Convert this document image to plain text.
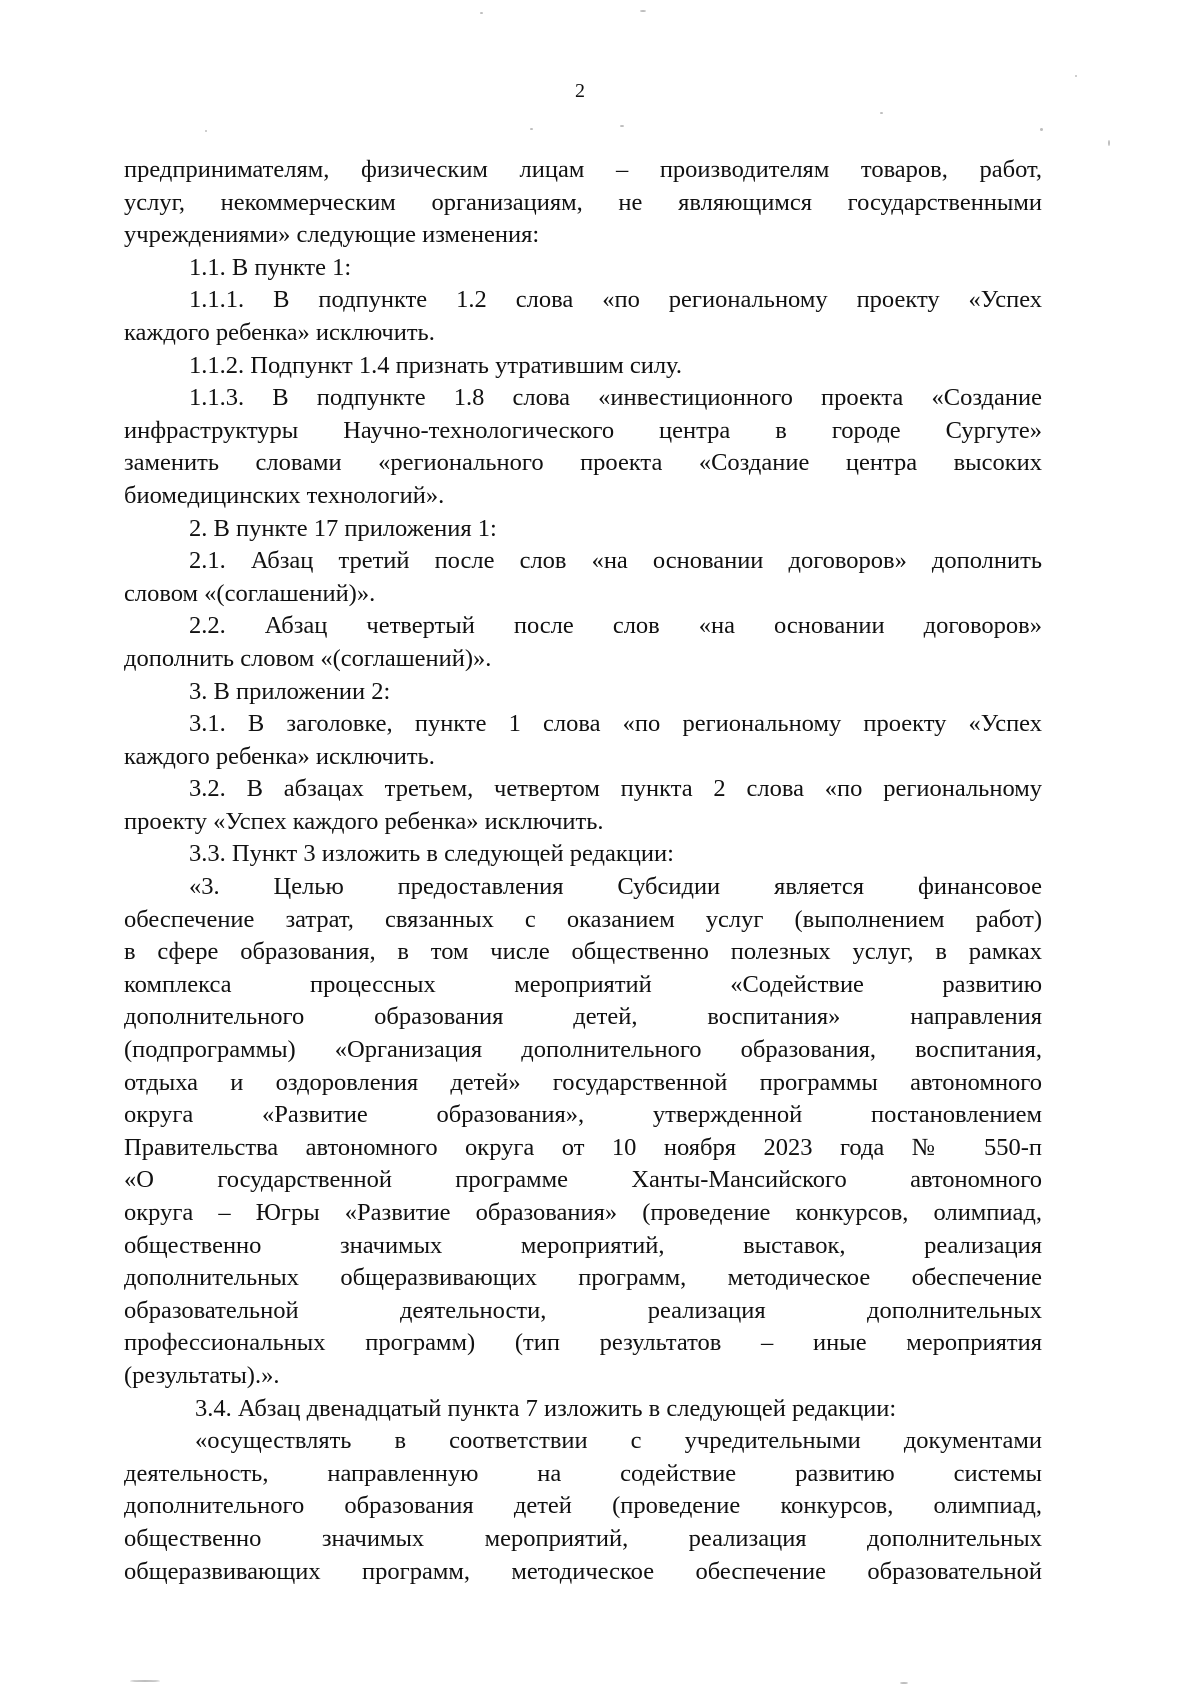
2
предпринимателям, физическим лицам – производителям товаров, работ,
услуг, некоммерческим организациям, не являющимся государственными
учреждениями» следующие изменения:
1.1. В пункте 1:
1.1.1. В подпункте 1.2 слова «по региональному проекту «Успех
каждого ребенка» исключить.
1.1.2. Подпункт 1.4 признать утратившим силу.
1.1.3. В подпункте 1.8 слова «инвестиционного проекта «Создание
инфраструктуры Научно-технологического центра в городе Сургуте»
заменить словами «регионального проекта «Создание центра высоких
биомедицинских технологий».
2. В пункте 17 приложения 1:
2.1. Абзац третий после слов «на основании договоров» дополнить
словом «(соглашений)».
2.2. Абзац четвертый после слов «на основании договоров»
дополнить словом «(соглашений)».
3. В приложении 2:
3.1. В заголовке, пункте 1 слова «по региональному проекту «Успех
каждого ребенка» исключить.
3.2. В абзацах третьем, четвертом пункта 2 слова «по региональному
проекту «Успех каждого ребенка» исключить.
3.3. Пункт 3 изложить в следующей редакции:
«3. Целью предоставления Субсидии является финансовое
обеспечение затрат, связанных с оказанием услуг (выполнением работ)
в сфере образования, в том числе общественно полезных услуг, в рамках
комплекса процессных мероприятий «Содействие развитию
дополнительного образования детей, воспитания» направления
(подпрограммы) «Организация дополнительного образования, воспитания,
отдыха и оздоровления детей» государственной программы автономного
округа «Развитие образования», утвержденной постановлением
Правительства автономного округа от 10 ноября 2023 года № 550-п
«О государственной программе Ханты-Мансийского автономного
округа – Югры «Развитие образования» (проведение конкурсов, олимпиад,
общественно значимых мероприятий, выставок, реализация
дополнительных общеразвивающих программ, методическое обеспечение
образовательной деятельности, реализация дополнительных
профессиональных программ) (тип результатов – иные мероприятия
(результаты).».
3.4. Абзац двенадцатый пункта 7 изложить в следующей редакции:
«осуществлять в соответствии с учредительными документами
деятельность, направленную на содействие развитию системы
дополнительного образования детей (проведение конкурсов, олимпиад,
общественно значимых мероприятий, реализация дополнительных
общеразвивающих программ, методическое обеспечение образовательной
